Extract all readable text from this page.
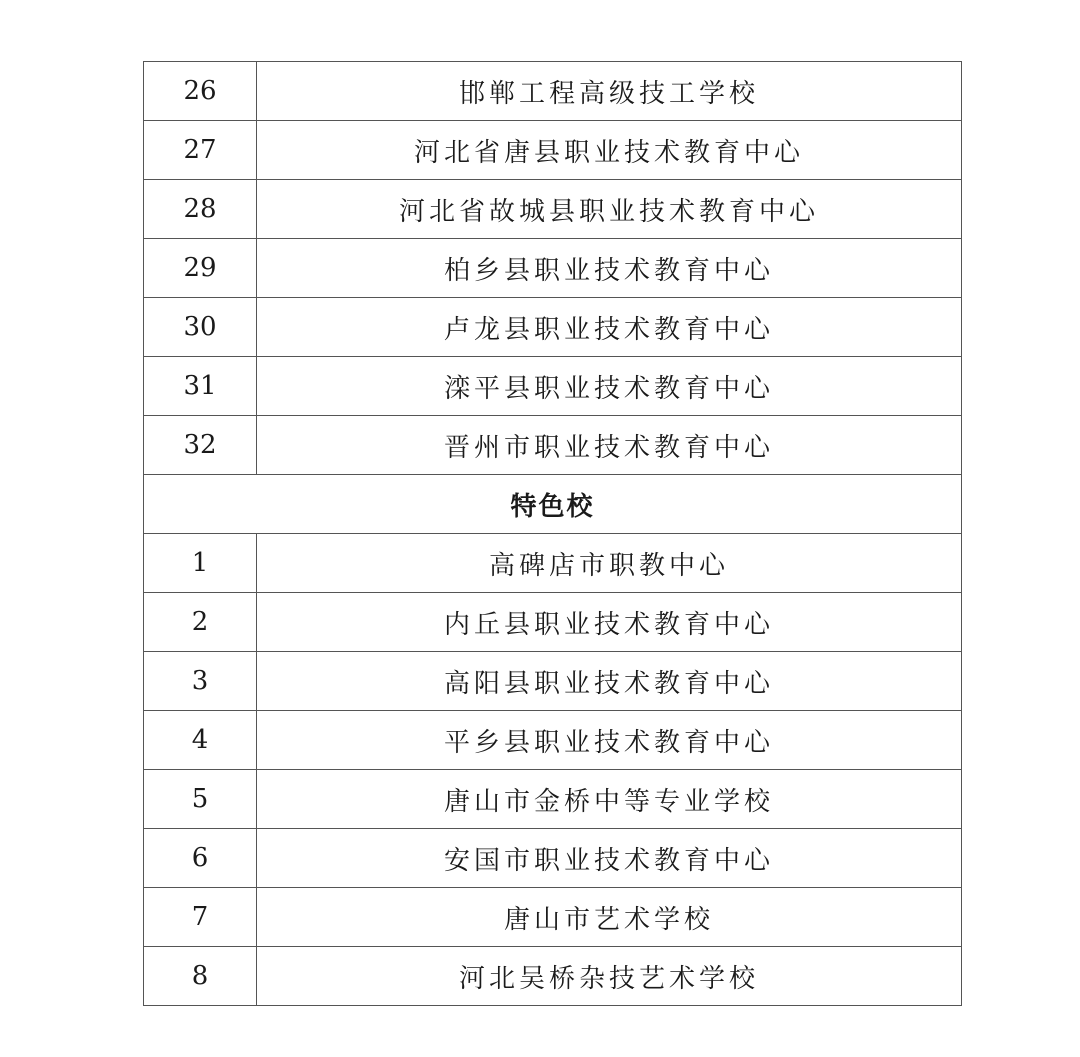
26	邯郸工程高级技工学校
27	河北省唐县职业技术教育中心
28	河北省故城县职业技术教育中心
29	柏乡县职业技术教育中心
30	卢龙县职业技术教育中心
31	滦平县职业技术教育中心
32	晋州市职业技术教育中心
特色校	
1	高碑店市职教中心
2	内丘县职业技术教育中心
3	高阳县职业技术教育中心
4	平乡县职业技术教育中心
5	唐山市金桥中等专业学校
6	安国市职业技术教育中心
7	唐山市艺术学校
8	河北吴桥杂技艺术学校
